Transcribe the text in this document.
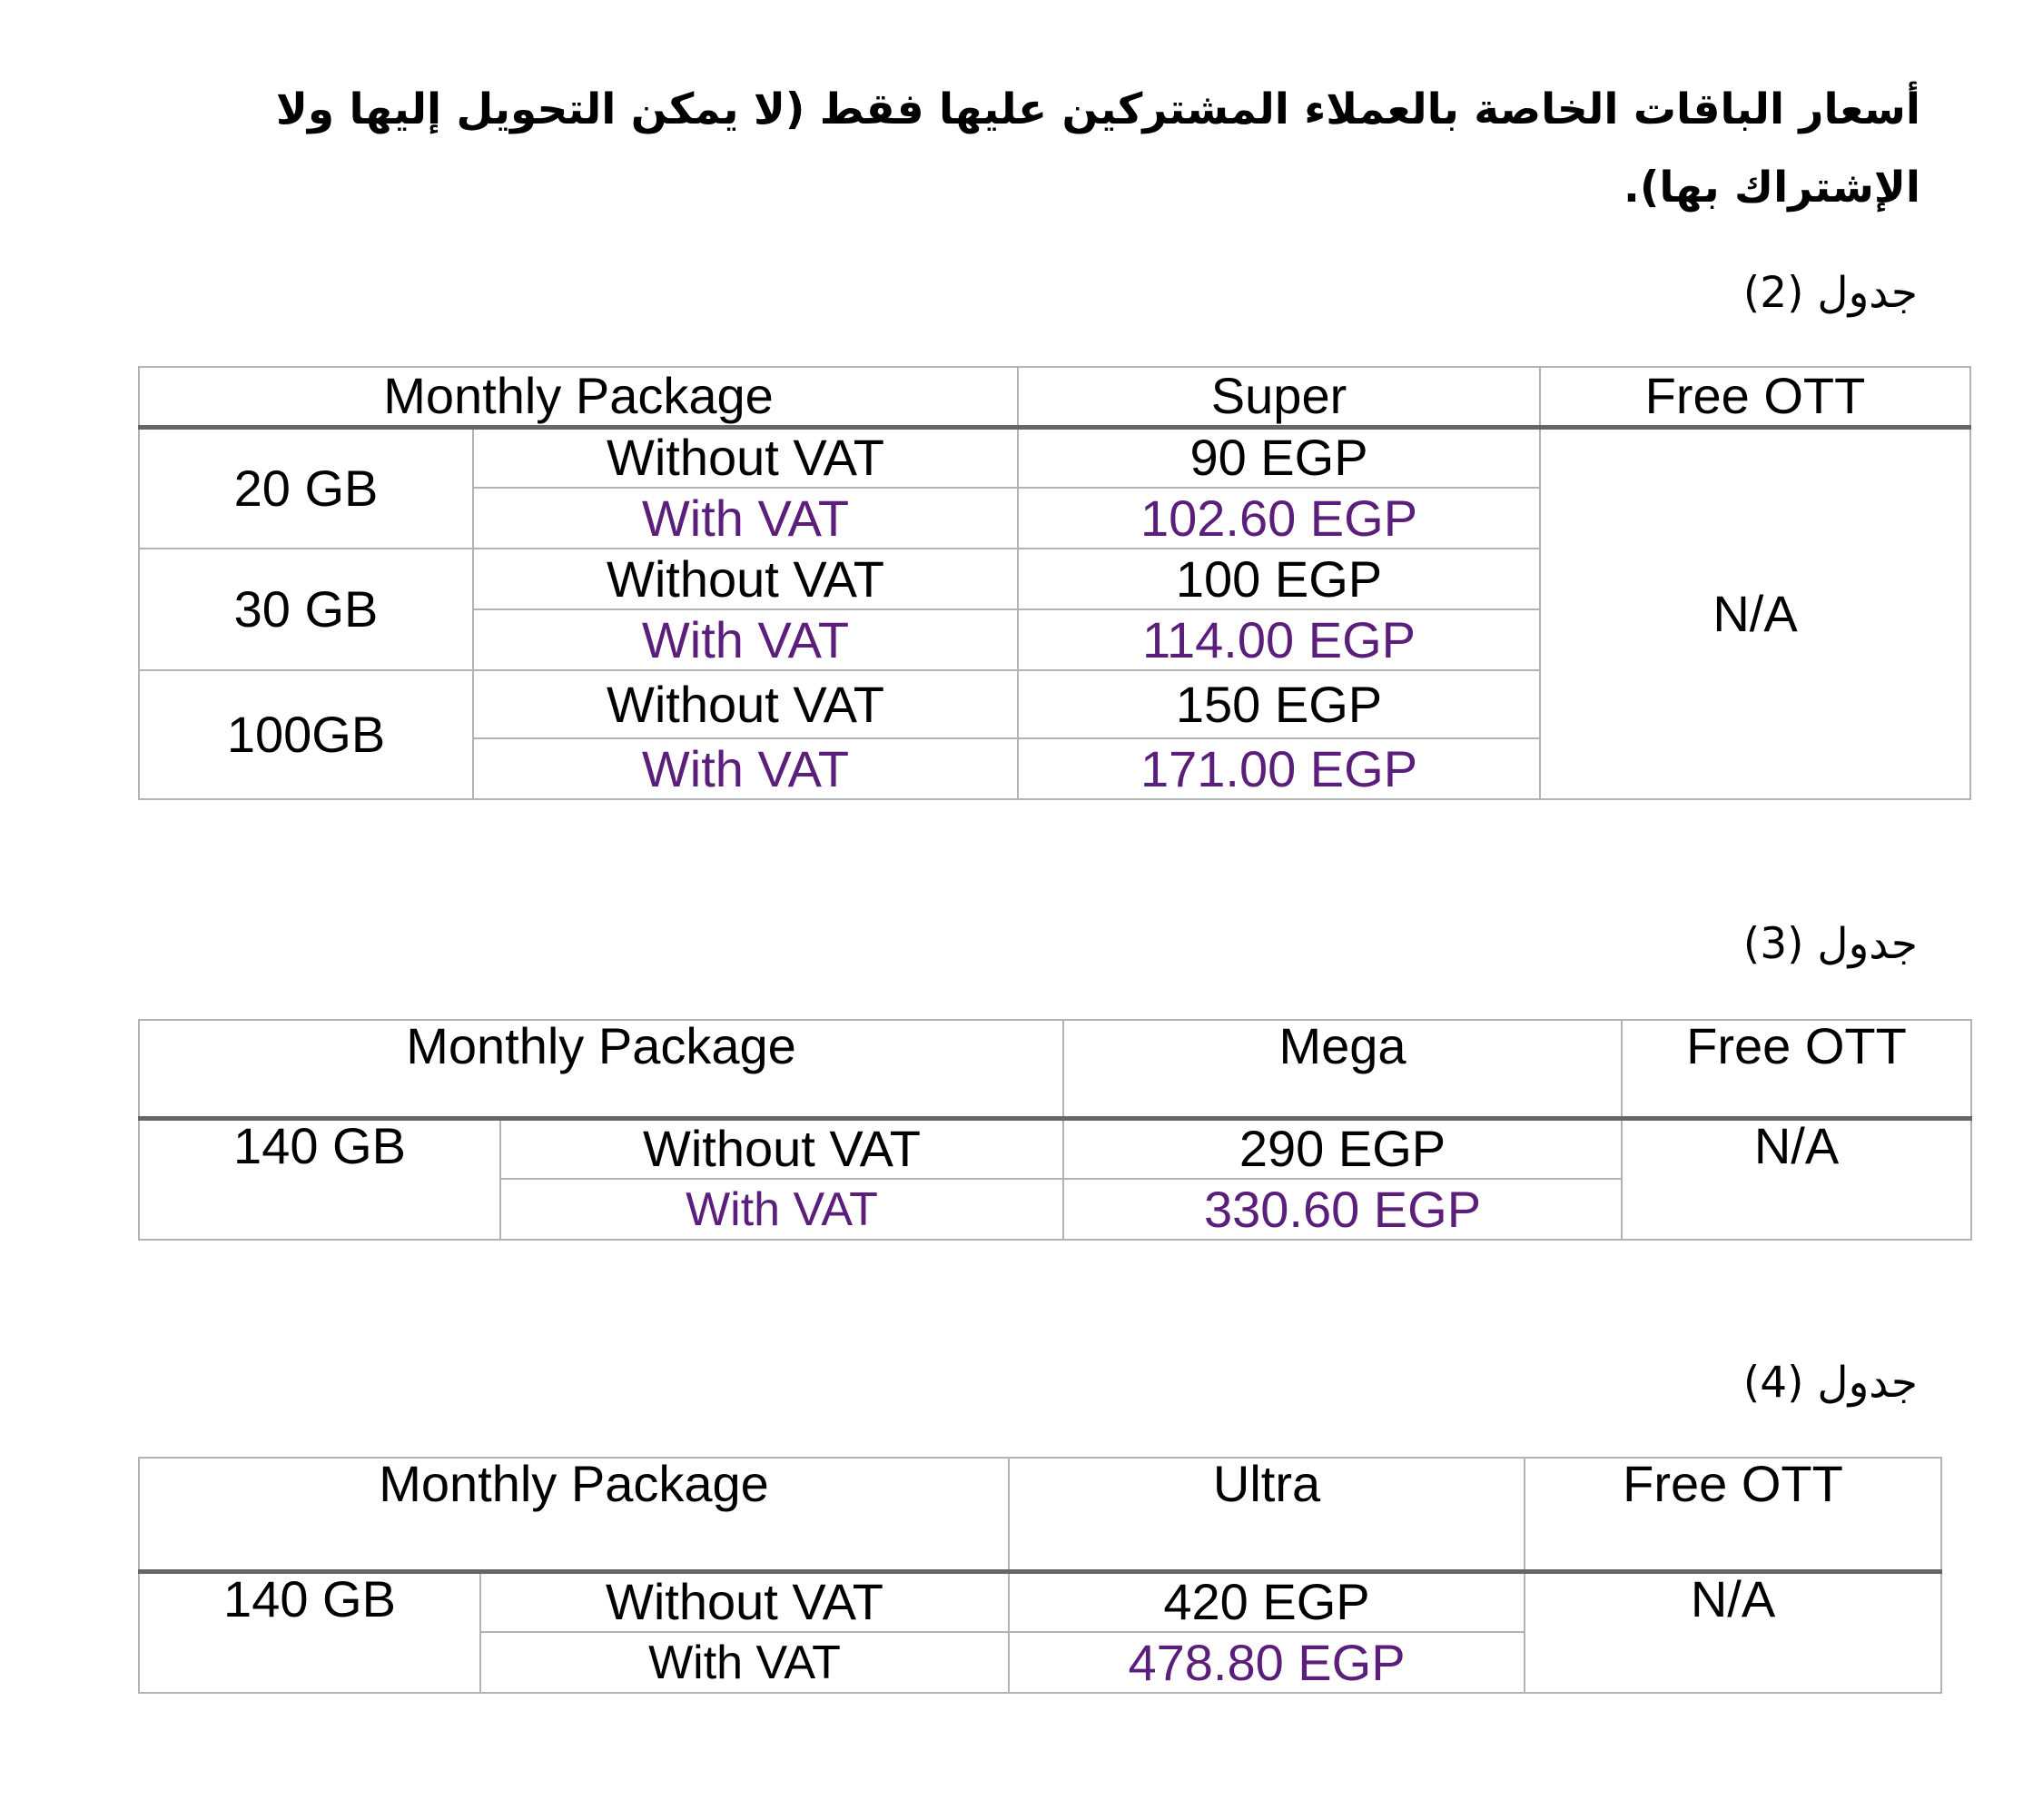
أسعار الباقات الخاصة بالعملاء المشتركين عليها فقط (لا يمكن التحويل إليها ولا
الإشتراك بها).
جدول (2)
Monthly Package		Super	Free OTT
20 GB	Without VAT	90 EGP	N/A
	With VAT	102.60 EGP	
30 GB	Without VAT	100 EGP	
	With VAT	114.00 EGP	
100GB	Without VAT	150 EGP	
	With VAT	171.00 EGP	
جدول (3)
Monthly Package		Mega	Free OTT
140 GB	Without VAT	290 EGP	N/A
	With VAT	330.60 EGP	
جدول (4)
Monthly Package		Ultra	Free OTT
140 GB	Without VAT	420 EGP	N/A
	With VAT	478.80 EGP	
